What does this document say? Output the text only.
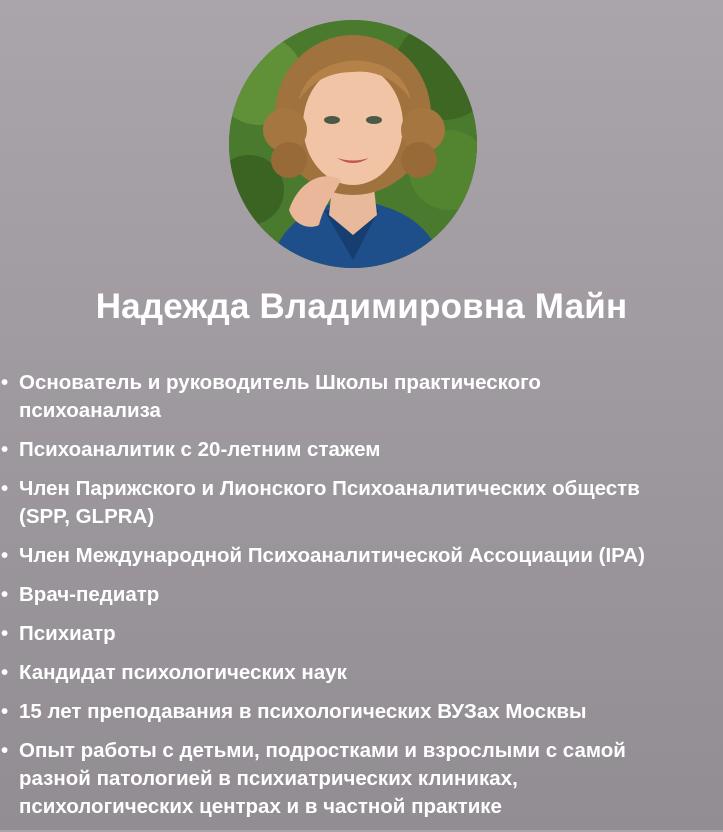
Надежда Владимировна Майн
• Основатель и руководитель Школы практического
психоанализа
• Психоаналитик с 20-летним стажем
• Член Парижского и Лионского Психоаналитических обществ
(SPP, GLPRA)
• Член Международной Психоаналитической Ассоциации (IPA)
• Врач-педиатр
• Психиатр
• Кандидат психологических наук
• 15 лет преподавания в психологических ВУЗах Москвы
• Опыт работы с детьми, подростками и взрослыми с самой
разной патологией в психиатрических клиниках,
психологических центрах и в частной практике
